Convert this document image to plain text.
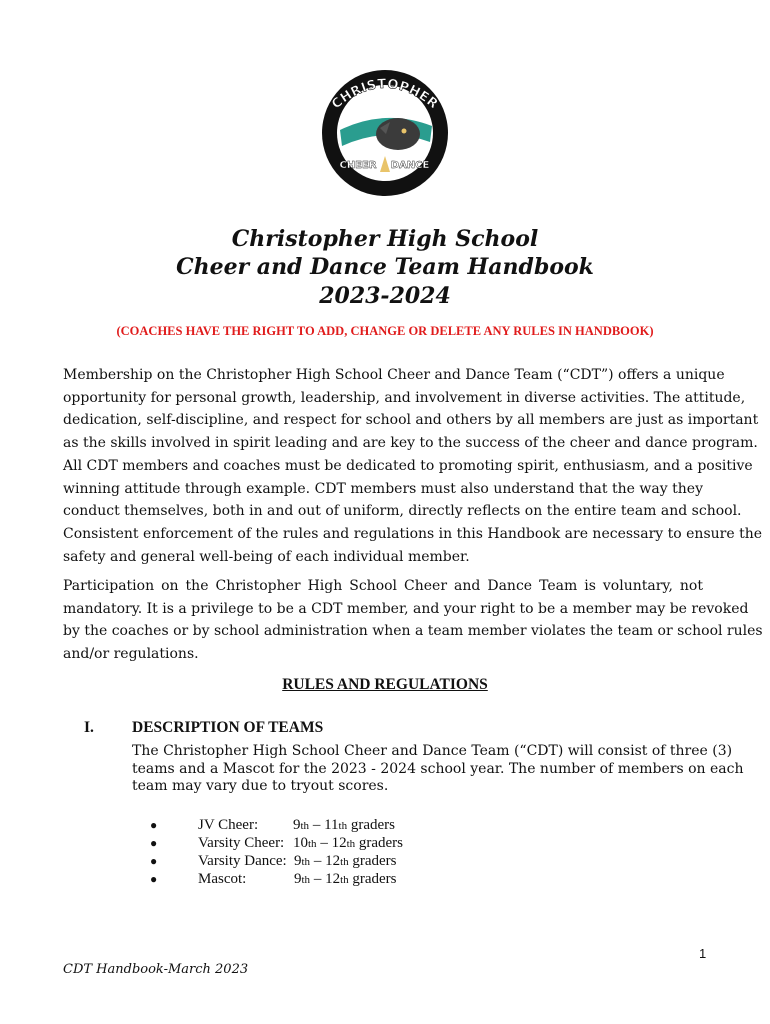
CHRISTOPHER
CHEER DANCE
Christopher High School
Cheer and Dance Team Handbook
2023-2024
(COACHES HAVE THE RIGHT TO ADD, CHANGE OR DELETE ANY RULES IN HANDBOOK)
Membership on the Christopher High School Cheer and Dance Team (“CDT”) offers a unique
opportunity for personal growth, leadership, and involvement in diverse activities. The attitude,
dedication, self-discipline, and respect for school and others by all members are just as important
as the skills involved in spirit leading and are key to the success of the cheer and dance program.
All CDT members and coaches must be dedicated to promoting spirit, enthusiasm, and a positive
winning attitude through example. CDT members must also understand that the way they
conduct themselves, both in and out of uniform, directly reflects on the entire team and school.
Consistent enforcement of the rules and regulations in this Handbook are necessary to ensure the
safety and general well-being of each individual member.
Participation on the Christopher High School Cheer and Dance Team is voluntary, not
mandatory. It is a privilege to be a CDT member, and your right to be a member may be revoked
by the coaches or by school administration when a team member violates the team or school rules
and/or regulations.
RULES AND REGULATIONS
I. DESCRIPTION OF TEAMS
The Christopher High School Cheer and Dance Team (“CDT) will consist of three (3)
teams and a Mascot for the 2023 - 2024 school year. The number of members on each
team may vary due to tryout scores.
●	JV Cheer: 9th – 11th graders
●	Varsity Cheer: 10th – 12th graders
●	Varsity Dance: 9th – 12th graders
●	Mascot:	9th – 12th graders
1
CDT Handbook-March 2023
